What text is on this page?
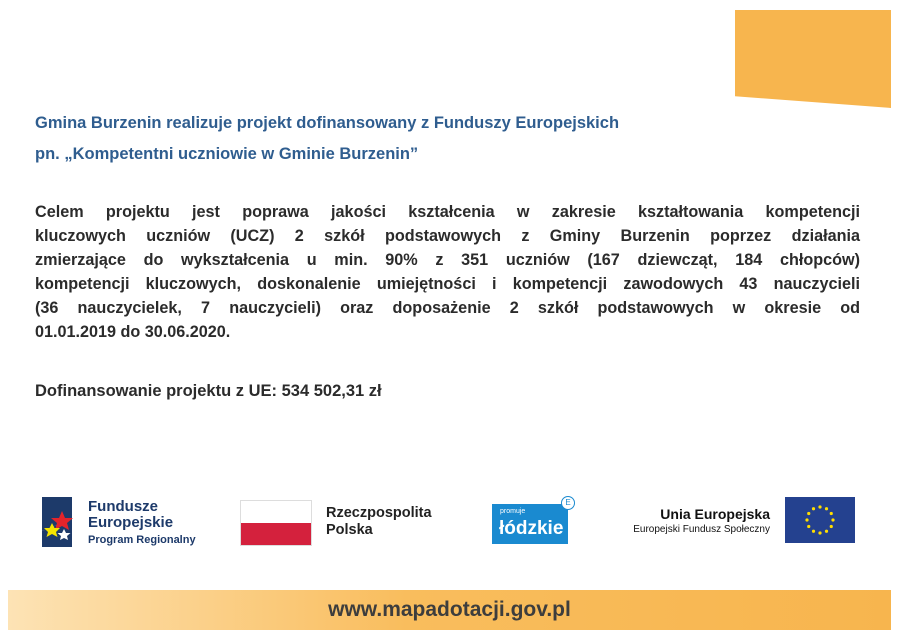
Gmina Burzenin realizuje projekt dofinansowany z Funduszy Europejskich
pn. „Kompetentni uczniowie w Gminie Burzenin”
Celem projektu jest poprawa jakości kształcenia w zakresie kształtowania kompetencji
kluczowych uczniów (UCZ) 2 szkół podstawowych z Gminy Burzenin poprzez działania
zmierzające do wykształcenia u min. 90% z 351 uczniów (167 dziewcząt, 184 chłopców)
kompetencji kluczowych, doskonalenie umiejętności i kompetencji zawodowych 43 nauczycieli
(36 nauczycielek, 7 nauczycieli) oraz doposażenie 2 szkół podstawowych w okresie od
01.01.2019 do 30.06.2020.
Dofinansowanie projektu z UE: 534 502,31 zł
Fundusze
Europejskie
Program Regionalny
Rzeczpospolita
Polska
promuje
łódzkie
E
Unia Europejska
Europejski Fundusz Społeczny
www.mapadotacji.gov.pl
